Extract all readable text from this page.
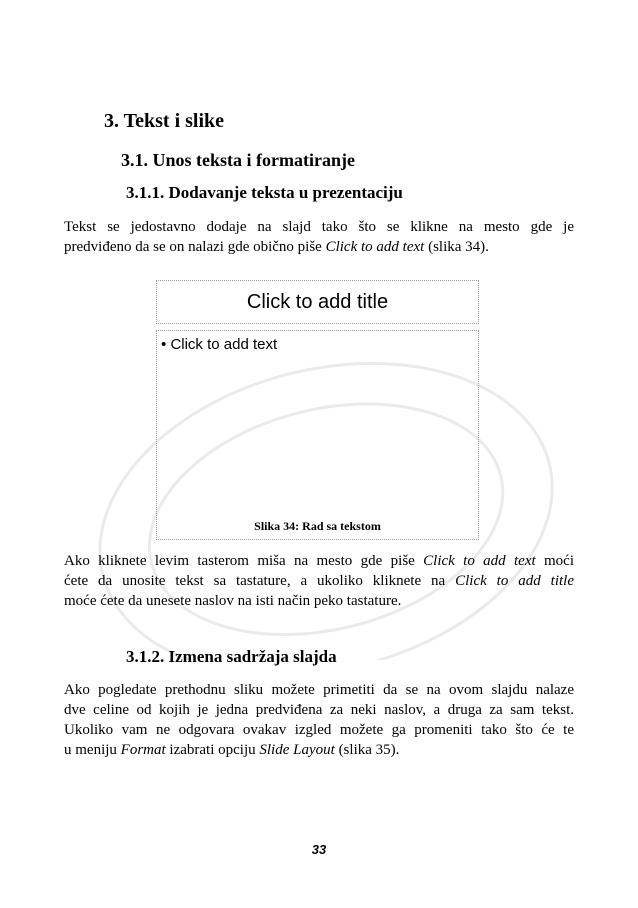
3. Tekst i slike
3.1. Unos teksta i formatiranje
3.1.1. Dodavanje teksta u prezentaciju
Tekst se jedostavno dodaje na slajd tako što se klikne na mesto gde je
predviđeno da se on nalazi gde obično piše Click to add text (slika 34).
Click to add title
• Click to add text
Slika 34: Rad sa tekstom
Ako kliknete levim tasterom miša na mesto gde piše Click to add text moći
ćete da unosite tekst sa tastature, a ukoliko kliknete na Click to add title
moće ćete da unesete naslov na isti način peko tastature.
3.1.2. Izmena sadržaja slajda
Ako pogledate prethodnu sliku možete primetiti da se na ovom slajdu nalaze
dve celine od kojih je jedna predviđena za neki naslov, a druga za sam tekst.
Ukoliko vam ne odgovara ovakav izgled možete ga promeniti tako što će te
u meniju Format izabrati opciju Slide Layout (slika 35).
33
